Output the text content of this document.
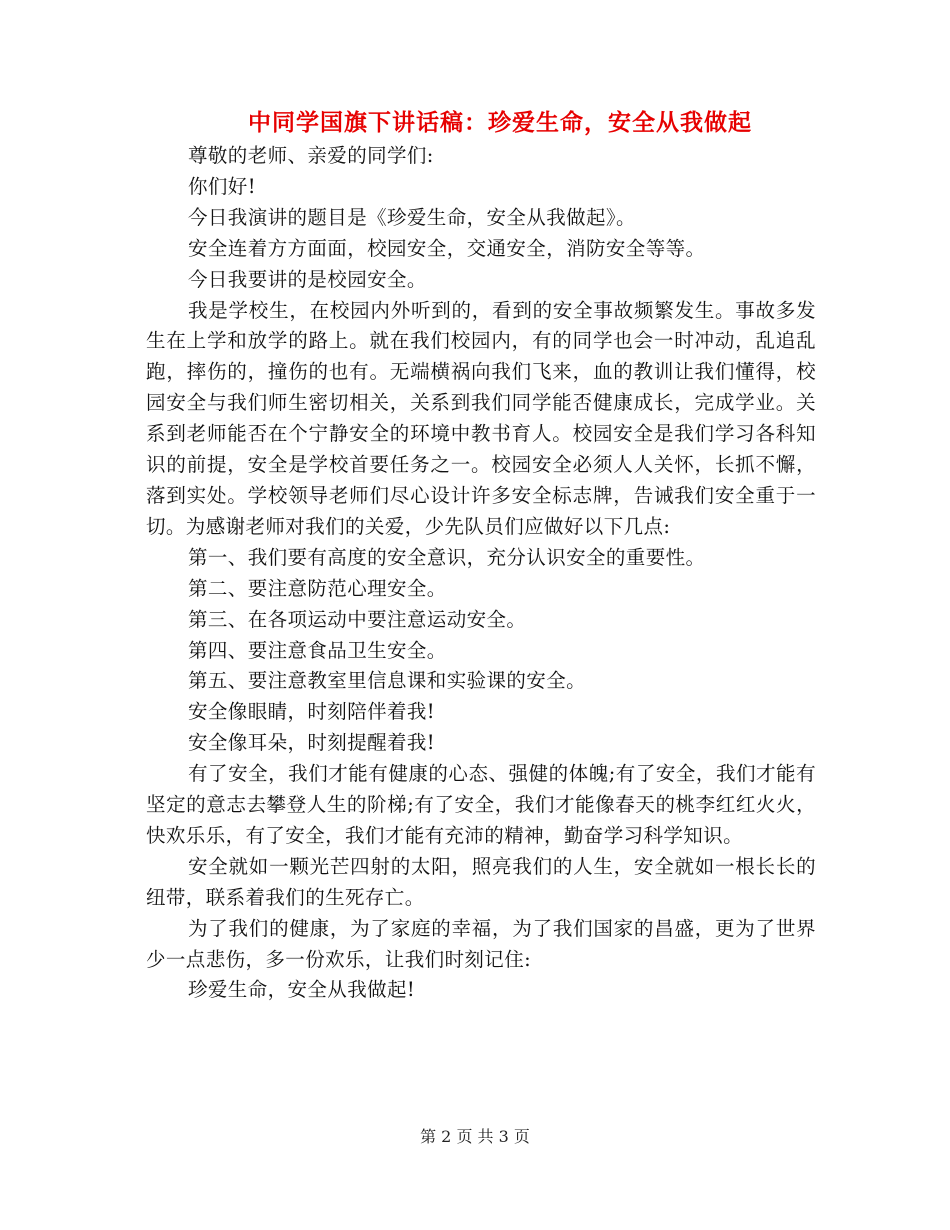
中同学国旗下讲话稿：珍爱生命，安全从我做起

尊敬的老师、亲爱的同学们:

你们好!

今日我演讲的题目是《珍爱生命，安全从我做起》。

安全连着方方面面，校园安全，交通安全，消防安全等等。

今日我要讲的是校园安全。

我是学校生，在校园内外听到的，看到的安全事故频繁发生。事故多发生在上学和放学的路上。就在我们校园内，有的同学也会一时冲动，乱追乱跑，摔伤的，撞伤的也有。无端横祸向我们飞来，血的教训让我们懂得，校园安全与我们师生密切相关，关系到我们同学能否健康成长，完成学业。关系到老师能否在个宁静安全的环境中教书育人。校园安全是我们学习各科知识的前提，安全是学校首要任务之一。校园安全必须人人关怀，长抓不懈，落到实处。学校领导老师们尽心设计许多安全标志牌，告诫我们安全重于一切。为感谢老师对我们的关爱，少先队员们应做好以下几点:

第一、我们要有高度的安全意识，充分认识安全的重要性。

第二、要注意防范心理安全。

第三、在各项运动中要注意运动安全。

第四、要注意食品卫生安全。

第五、要注意教室里信息课和实验课的安全。

安全像眼睛，时刻陪伴着我!

安全像耳朵，时刻提醒着我!

有了安全，我们才能有健康的心态、强健的体魄;有了安全，我们才能有坚定的意志去攀登人生的阶梯;有了安全，我们才能像春天的桃李红红火火，快欢乐乐，有了安全，我们才能有充沛的精神，勤奋学习科学知识。

安全就如一颗光芒四射的太阳，照亮我们的人生，安全就如一根长长的纽带，联系着我们的生死存亡。

为了我们的健康，为了家庭的幸福，为了我们国家的昌盛，更为了世界少一点悲伤，多一份欢乐，让我们时刻记住:

珍爱生命，安全从我做起!

第 2 页 共 3 页
